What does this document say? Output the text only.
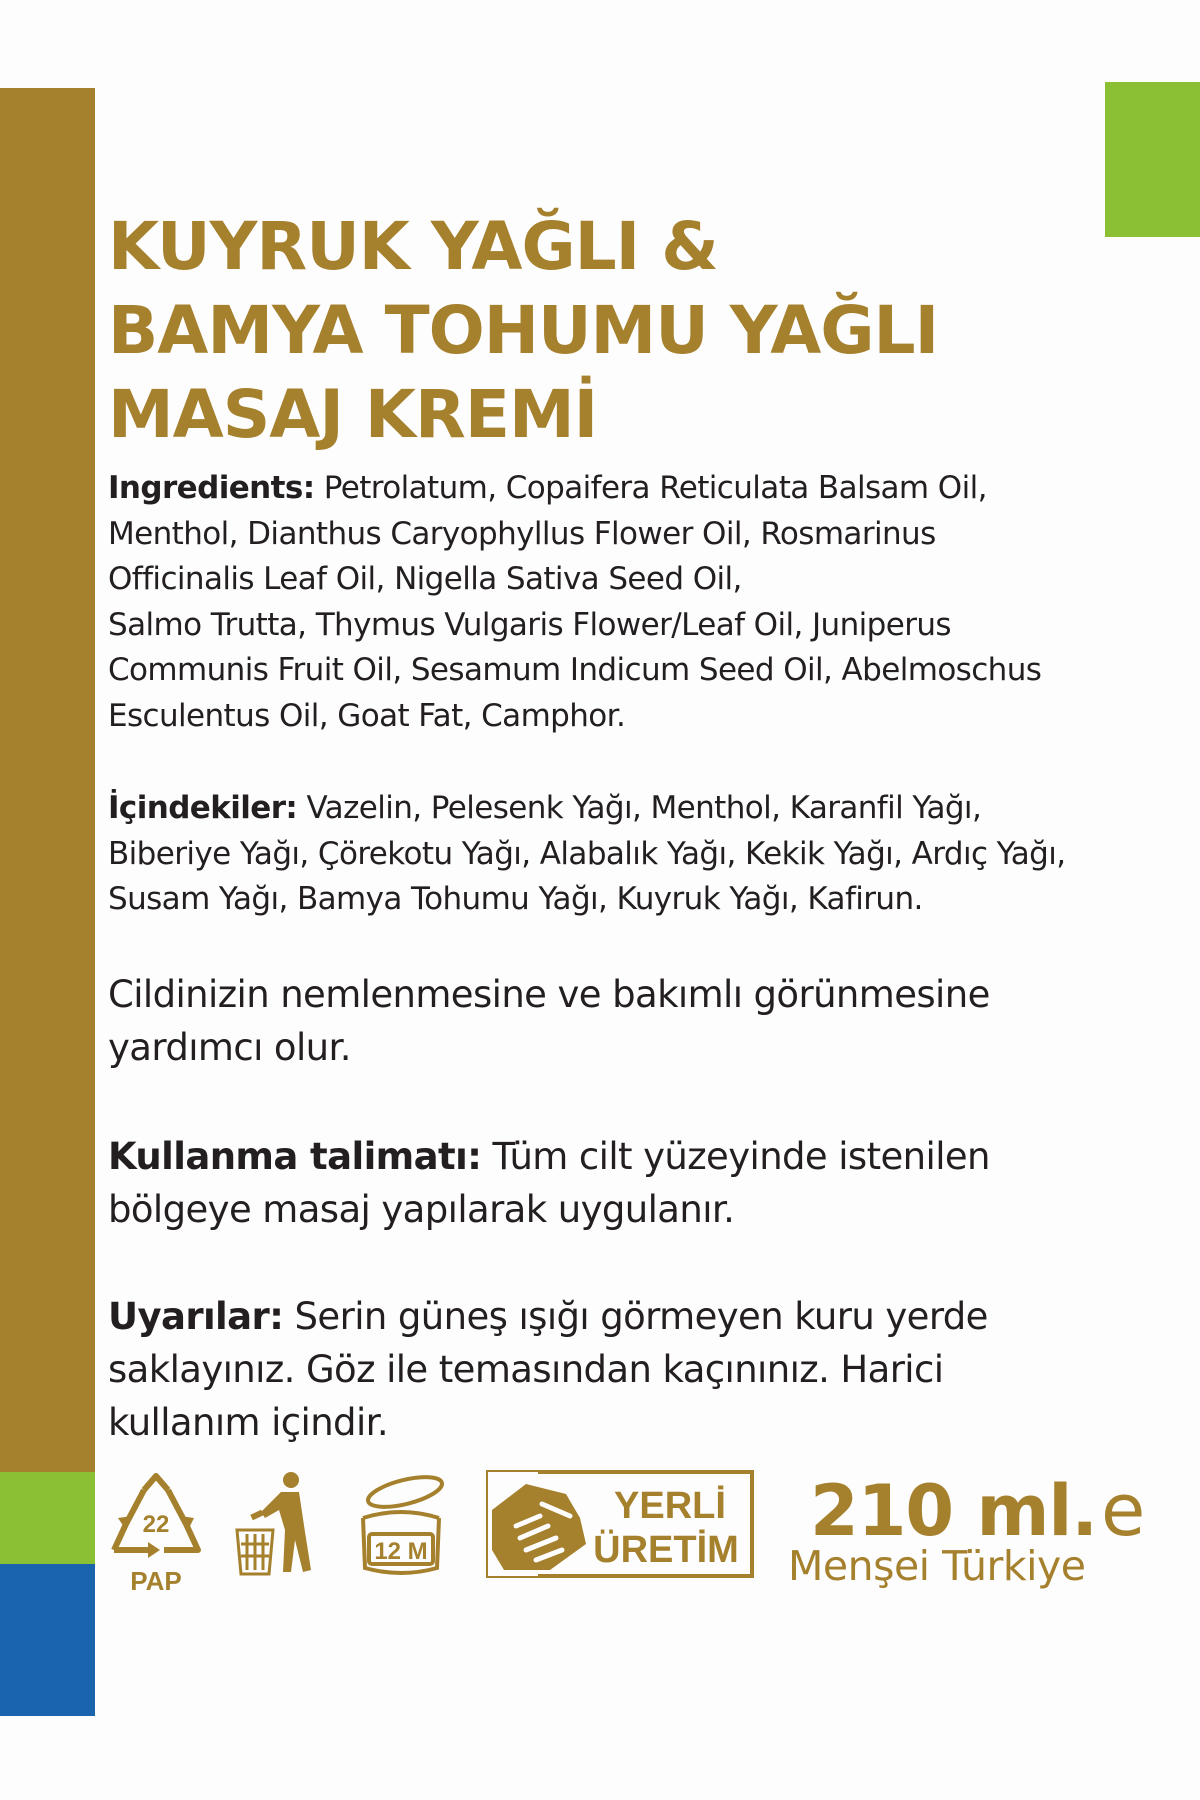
KUYRUK YAĞLI &
BAMYA TOHUMU YAĞLI
MASAJ KREMİ
Ingredients: Petrolatum, Copaifera Reticulata Balsam Oil,
Menthol, Dianthus Caryophyllus Flower Oil, Rosmarinus
Officinalis Leaf Oil, Nigella Sativa Seed Oil,
Salmo Trutta, Thymus Vulgaris Flower/Leaf Oil, Juniperus
Communis Fruit Oil, Sesamum Indicum Seed Oil, Abelmoschus
Esculentus Oil, Goat Fat, Camphor.
İçindekiler: Vazelin, Pelesenk Yağı, Menthol, Karanfil Yağı,
Biberiye Yağı, Çörekotu Yağı, Alabalık Yağı, Kekik Yağı, Ardıç Yağı,
Susam Yağı, Bamya Tohumu Yağı, Kuyruk Yağı, Kafirun.
Cildinizin nemlenmesine ve bakımlı görünmesine
yardımcı olur.
Kullanma talimatı: Tüm cilt yüzeyinde istenilen
bölgeye masaj yapılarak uygulanır.
Uyarılar: Serin güneş ışığı görmeyen kuru yerde
saklayınız. Göz ile temasından kaçınınız. Harici
kullanım içindir.
22
PAP
12 M
YERLİ
ÜRETİM 210 ml.e
Menşei Türkiye
